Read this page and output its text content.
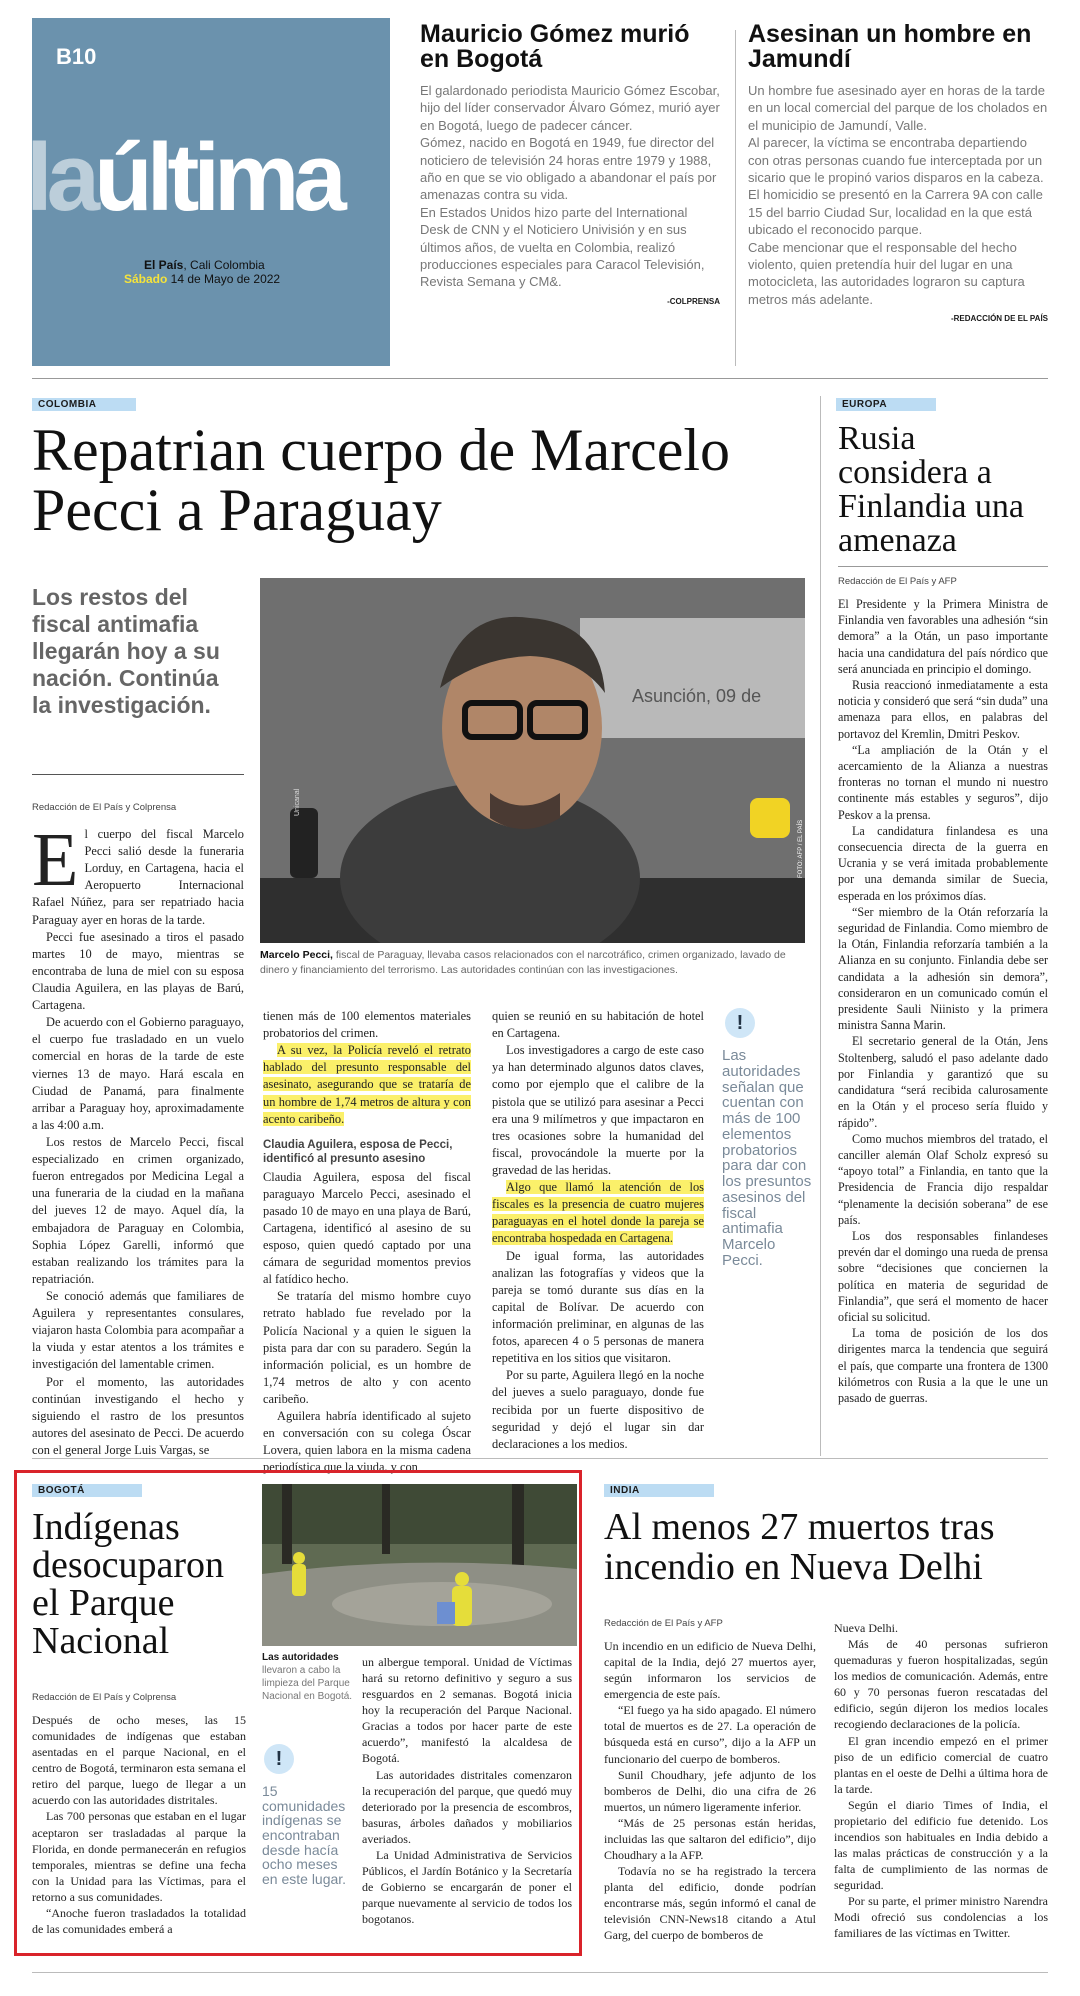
B10
laúltima
El País, Cali Colombia
Sábado 14 de Mayo de 2022
Mauricio Gómez murió en Bogotá

El galardonado periodista Mauricio Gómez Escobar, hijo del líder conservador Álvaro Gómez, murió ayer en Bogotá, luego de padecer cáncer.

Gómez, nacido en Bogotá en 1949, fue director del noticiero de televisión 24 horas entre 1979 y 1988, año en que se vio obligado a abandonar el país por amenazas contra su vida.

En Estados Unidos hizo parte del International Desk de CNN y el Noticiero Univisión y en sus últimos años, de vuelta en Colombia, realizó producciones especiales para Caracol Televisión, Revista Semana y CM&.

-COLPRENSA
Asesinan un hombre en Jamundí

Un hombre fue asesinado ayer en horas de la tarde en un local comercial del parque de los cholados en el municipio de Jamundí, Valle.

Al parecer, la víctima se encontraba departiendo con otras personas cuando fue interceptada por un sicario que le propinó varios disparos en la cabeza.

El homicidio se presentó en la Carrera 9A con calle 15 del barrio Ciudad Sur, localidad en la que está ubicado el reconocido parque.

Cabe mencionar que el responsable del hecho violento, quien pretendía huir del lugar en una motocicleta, las autoridades lograron su captura metros más adelante.

-REDACCIÓN DE EL PAÍS
COLOMBIA
Repatrian cuerpo de Marcelo Pecci a Paraguay
Los restos del fiscal antimafia llegarán hoy a su nación. Continúa la investigación.
Redacción de El País y Colprensa
Asunción, 09 de
Unicanal
FOTO: AFP / EL PAÍS
Marcelo Pecci, fiscal de Paraguay, llevaba casos relacionados con el narcotráfico, crimen organizado, lavado de dinero y financiamiento del terrorismo. Las autoridades continúan con las investigaciones.
E l cuerpo del fiscal Marcelo Pecci salió desde la funeraria Lorduy, en Cartagena, hacia el Aeropuerto Internacional Rafael Núñez, para ser repatriado hacia Paraguay ayer en horas de la tarde.

Pecci fue asesinado a tiros el pasado martes 10 de mayo, mientras se encontraba de luna de miel con su esposa Claudia Aguilera, en las playas de Barú, Cartagena.

De acuerdo con el Gobierno paraguayo, el cuerpo fue trasladado en un vuelo comercial en horas de la tarde de este viernes 13 de mayo. Hará escala en Ciudad de Panamá, para finalmente arribar a Paraguay hoy, aproximadamente a las 4:00 a.m.

Los restos de Marcelo Pecci, fiscal especializado en crimen organizado, fueron entregados por Medicina Legal a una funeraria de la ciudad en la mañana del jueves 12 de mayo. Aquel día, la embajadora de Paraguay en Colombia, Sophia López Garelli, informó que estaban realizando los trámites para la repatriación.

Se conoció además que familiares de Aguilera y representantes consulares, viajaron hasta Colombia para acompañar a la viuda y estar atentos a los trámites e investigación del lamentable crimen.

Por el momento, las autoridades continúan investigando el hecho y siguiendo el rastro de los presuntos autores del asesinato de Pecci. De acuerdo con el general Jorge Luis Vargas, se

tienen más de 100 elementos materiales probatorios del crimen.

A su vez, la Policía reveló el retrato hablado del presunto responsable del asesinato, asegurando que se trataría de un hombre de 1,74 metros de altura y con acento caribeño.

Claudia Aguilera, esposa de Pecci, identificó al presunto asesino

Claudia Aguilera, esposa del fiscal paraguayo Marcelo Pecci, asesinado el pasado 10 de mayo en una playa de Barú, Cartagena, identificó al asesino de su esposo, quien quedó captado por una cámara de seguridad momentos previos al fatídico hecho.

Se trataría del mismo hombre cuyo retrato hablado fue revelado por la Policía Nacional y a quien le siguen la pista para dar con su paradero. Según la información policial, es un hombre de 1,74 metros de alto y con acento caribeño.

Aguilera habría identificado al sujeto en conversación con su colega Óscar Lovera, quien labora en la misma cadena periodística que la viuda, y con

quien se reunió en su habitación de hotel en Cartagena.

Los investigadores a cargo de este caso ya han determinado algunos datos claves, como por ejemplo que el calibre de la pistola que se utilizó para asesinar a Pecci era una 9 milímetros y que impactaron en tres ocasiones sobre la humanidad del fiscal, provocándole la muerte por la gravedad de las heridas.

Algo que llamó la atención de los fiscales es la presencia de cuatro mujeres paraguayas en el hotel donde la pareja se encontraba hospedada en Cartagena.

De igual forma, las autoridades analizan las fotografías y videos que la pareja se tomó durante sus días en la capital de Bolívar. De acuerdo con información preliminar, en algunas de las fotos, aparecen 4 o 5 personas de manera repetitiva en los sitios que visitaron.

Por su parte, Aguilera llegó en la noche del jueves a suelo paraguayo, donde fue recibida por un fuerte dispositivo de seguridad y dejó el lugar sin dar declaraciones a los medios.

!
Las autoridades señalan que cuentan con más de 100 elementos probatorios para dar con los presuntos asesinos del fiscal antimafia Marcelo Pecci.
EUROPA
Rusia considera a Finlandia una amenaza
Redacción de El País y AFP

El Presidente y la Primera Ministra de Finlandia ven favorables una adhesión “sin demora” a la Otán, un paso importante hacia una candidatura del país nórdico que será anunciada en principio el domingo.

Rusia reaccionó inmediatamente a esta noticia y consideró que será “sin duda” una amenaza para ellos, en palabras del portavoz del Kremlin, Dmitri Peskov.

“La ampliación de la Otán y el acercamiento de la Alianza a nuestras fronteras no tornan el mundo ni nuestro continente más estables y seguros”, dijo Peskov a la prensa.

La candidatura finlandesa es una consecuencia directa de la guerra en Ucrania y se verá imitada probablemente por una demanda similar de Suecia, esperada en los próximos días.

“Ser miembro de la Otán reforzaría la seguridad de Finlandia. Como miembro de la Otán, Finlandia reforzaría también a la Alianza en su conjunto. Finlandia debe ser candidata a la adhesión sin demora”, consideraron en un comunicado común el presidente Sauli Niinisto y la primera ministra Sanna Marin.

El secretario general de la Otán, Jens Stoltenberg, saludó el paso adelante dado por Finlandia y garantizó que su candidatura “será recibida calurosamente en la Otán y el proceso sería fluido y rápido”.

Como muchos miembros del tratado, el canciller alemán Olaf Scholz expresó su “apoyo total” a Finlandia, en tanto que la Presidencia de Francia dijo respaldar “plenamente la decisión soberana” de ese país.

Los dos responsables finlandeses prevén dar el domingo una rueda de prensa sobre “decisiones que conciernen la política en materia de seguridad de Finlandia”, que será el momento de hacer oficial su solicitud.

La toma de posición de los dos dirigentes marca la tendencia que seguirá el país, que comparte una frontera de 1300 kilómetros con Rusia a la que le une un pasado de guerras.

BOGOTÁ
Indígenas desocuparon el Parque Nacional
Redacción de El País y Colprensa
Las autoridades
llevaron a cabo la limpieza del Parque Nacional en Bogotá.
!
15 comunidades indígenas se encontraban desde hacía ocho meses en este lugar.

Después de ocho meses, las 15 comunidades de indígenas que estaban asentadas en el parque Nacional, en el centro de Bogotá, terminaron esta semana el retiro del parque, luego de llegar a un acuerdo con las autoridades distritales.

Las 700 personas que estaban en el lugar aceptaron ser trasladadas al parque la Florida, en donde permanecerán en refugios temporales, mientras se define una fecha con la Unidad para las Víctimas, para el retorno a sus comunidades.

“Anoche fueron trasladados la totalidad de las comunidades emberá a

un albergue temporal. Unidad de Víctimas hará su retorno definitivo y seguro a sus resguardos en 2 semanas. Bogotá inicia hoy la recuperación del Parque Nacional. Gracias a todos por hacer parte de este acuerdo”, manifestó la alcaldesa de Bogotá.

Las autoridades distritales comenzaron la recuperación del parque, que quedó muy deteriorado por la presencia de escombros, basuras, árboles dañados y mobiliarios averiados.

La Unidad Administrativa de Servicios Públicos, el Jardín Botánico y la Secretaría de Gobierno se encargarán de poner el parque nuevamente al servicio de todos los bogotanos.

INDIA
Al menos 27 muertos tras incendio en Nueva Delhi
Redacción de El País y AFP

Un incendio en un edificio de Nueva Delhi, capital de la India, dejó 27 muertos ayer, según informaron los servicios de emergencia de este país.

“El fuego ya ha sido apagado. El número total de muertos es de 27. La operación de búsqueda está en curso”, dijo a la AFP un funcionario del cuerpo de bomberos.

Sunil Choudhary, jefe adjunto de los bomberos de Delhi, dio una cifra de 26 muertos, un número ligeramente inferior.

“Más de 25 personas están heridas, incluidas las que saltaron del edificio”, dijo Choudhary a la AFP.

Todavía no se ha registrado la tercera planta del edificio, donde podrían encontrarse más, según informó el canal de televisión CNN-News18 citando a Atul Garg, del cuerpo de bomberos de

Nueva Delhi.

Más de 40 personas sufrieron quemaduras y fueron hospitalizadas, según los medios de comunicación. Además, entre 60 y 70 personas fueron rescatadas del edificio, según dijeron los medios locales recogiendo declaraciones de la policía.

El gran incendio empezó en el primer piso de un edificio comercial de cuatro plantas en el oeste de Delhi a última hora de la tarde.

Según el diario Times of India, el propietario del edificio fue detenido. Los incendios son habituales en India debido a las malas prácticas de construcción y a la falta de cumplimiento de las normas de seguridad.

Por su parte, el primer ministro Narendra Modi ofreció sus condolencias a los familiares de las víctimas en Twitter.
